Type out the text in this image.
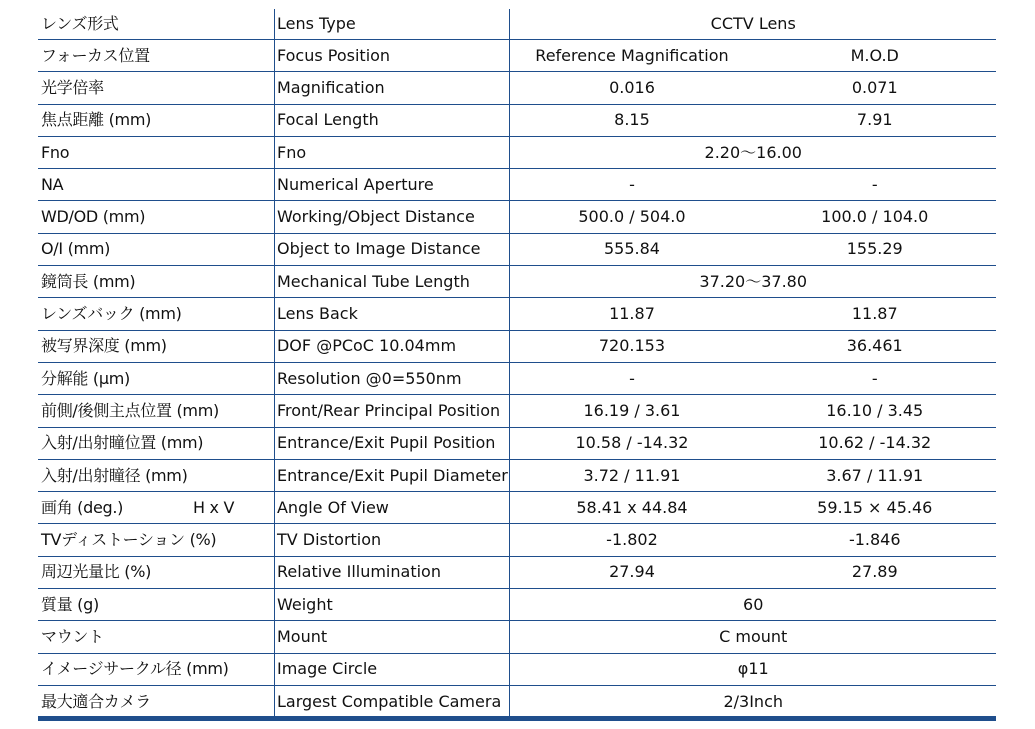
レンズ形式	Lens Type	CCTV Lens	
フォーカス位置	Focus Position	Reference Magnification	M.O.D
光学倍率	Magnification	0.016	0.071
焦点距離 (mm)	Focal Length	8.15	7.91
Fno	Fno	2.20〜16.00	
NA	Numerical Aperture	-	-
WD/OD (mm)	Working/Object Distance	500.0 / 504.0	100.0 / 104.0
O/I (mm)	Object to Image Distance	555.84	155.29
鏡筒長 (mm)	Mechanical Tube Length	37.20〜37.80	
レンズバック (mm)	Lens Back	11.87	11.87
被写界深度 (mm)	DOF @PCoC 10.04mm	720.153	36.461
分解能 (μm)	Resolution @0=550nm	-	-
前側/後側主点位置 (mm)	Front/Rear Principal Position	16.19 / 3.61	16.10 / 3.45
入射/出射瞳位置 (mm)	Entrance/Exit Pupil Position	10.58 / -14.32	10.62 / -14.32
入射/出射瞳径 (mm)	Entrance/Exit Pupil Diameter	3.72 / 11.91	3.67 / 11.91

画角 (deg.) H x V	Angle Of View	58.41 x 44.84	59.15 × 45.46
TVディストーション (%)	TV Distortion	-1.802	-1.846
周辺光量比 (%)	Relative Illumination	27.94	27.89
質量 (g)	Weight	60	
マウント	Mount	C mount	
イメージサークル径 (mm)	Image Circle	φ11	
最大適合カメラ	Largest Compatible Camera	2/3Inch	
